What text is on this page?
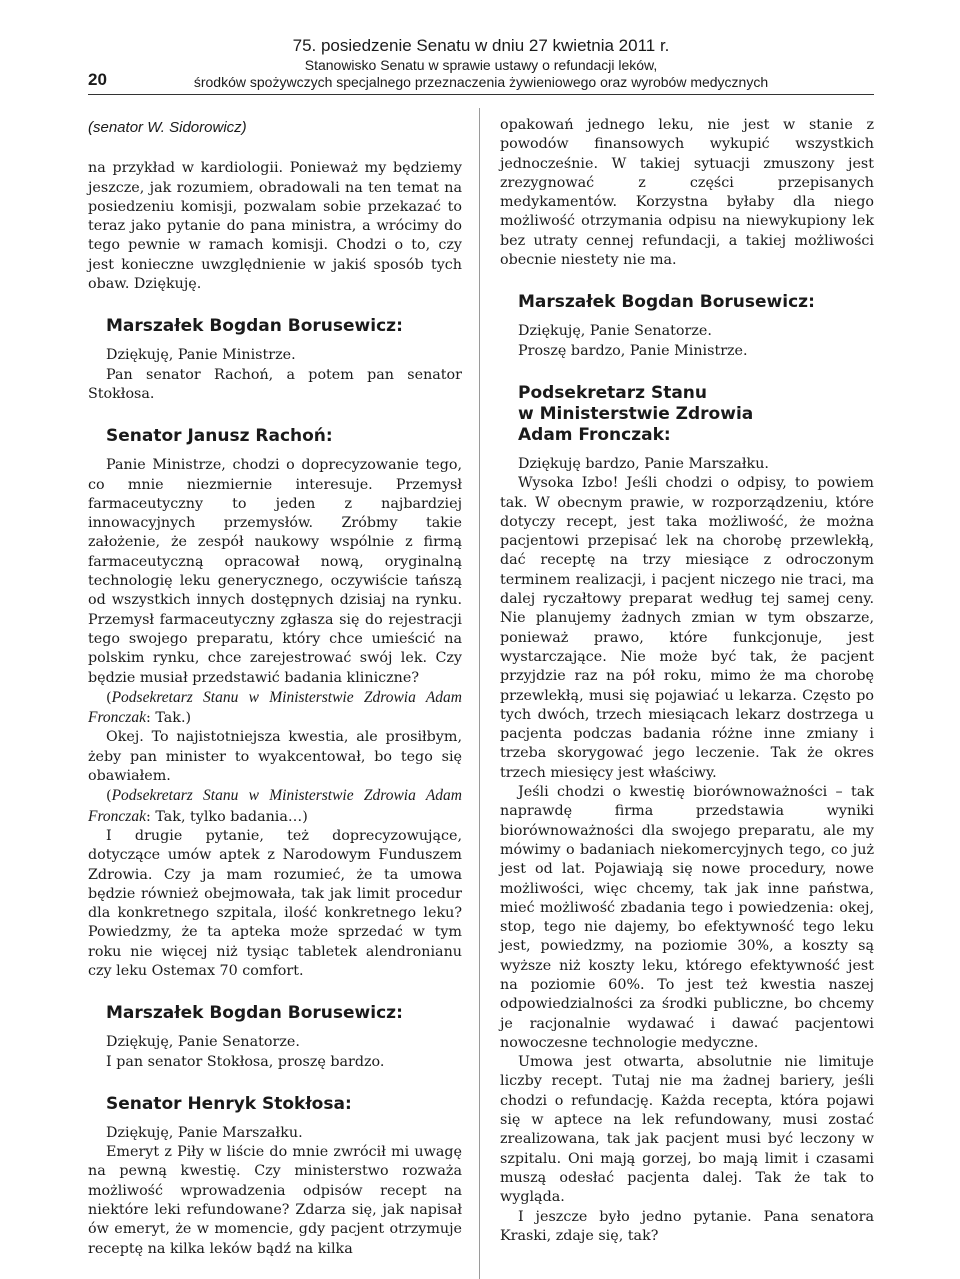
20
75. posiedzenie Senatu w dniu 27 kwietnia 2011 r.
Stanowisko Senatu w sprawie ustawy o refundacji leków,
środków spożywczych specjalnego przeznaczenia żywieniowego oraz wyrobów medycznych
(senator W. Sidorowicz)

na przykład w kardiologii. Ponieważ my będziemy jeszcze, jak rozumiem, obradowali na ten temat na posiedzeniu komisji, pozwalam sobie przekazać to teraz jako pytanie do pana ministra, a wrócimy do tego pewnie w ramach komisji. Chodzi o to, czy jest konieczne uwzględnienie w jakiś sposób tych obaw. Dziękuję.

Marszałek Bogdan Borusewicz:

Dziękuję, Panie Ministrze.

Pan senator Rachoń, a potem pan senator Stokłosa.

Senator Janusz Rachoń:

Panie Ministrze, chodzi o doprecyzowanie tego, co mnie niezmiernie interesuje. Przemysł farmaceutyczny to jeden z najbardziej innowacyjnych przemysłów. Zróbmy takie założenie, że zespół naukowy wspólnie z firmą farmaceutyczną opracował nową, oryginalną technologię leku generycznego, oczywiście tańszą od wszystkich innych dostępnych dzisiaj na rynku. Przemysł farmaceutyczny zgłasza się do rejestracji tego swojego preparatu, który chce umieścić na polskim rynku, chce zarejestrować swój lek. Czy będzie musiał przedstawić badania kliniczne?

(Podsekretarz Stanu w Ministerstwie Zdrowia Adam Fronczak: Tak.)

Okej. To najistotniejsza kwestia, ale prosiłbym, żeby pan minister to wyakcentował, bo tego się obawiałem.

(Podsekretarz Stanu w Ministerstwie Zdrowia Adam Fronczak: Tak, tylko badania…)

I drugie pytanie, też doprecyzowujące, dotyczące umów aptek z Narodowym Funduszem Zdrowia. Czy ja mam rozumieć, że ta umowa będzie również obejmowała, tak jak limit procedur dla konkretnego szpitala, ilość konkretnego leku? Powiedzmy, że ta apteka może sprzedać w tym roku nie więcej niż tysiąc tabletek alendronianu czy leku Ostemax 70 comfort.

Marszałek Bogdan Borusewicz:

Dziękuję, Panie Senatorze.

I pan senator Stokłosa, proszę bardzo.

Senator Henryk Stokłosa:

Dziękuję, Panie Marszałku.

Emeryt z Piły w liście do mnie zwrócił mi uwagę na pewną kwestię. Czy ministerstwo rozważa możliwość wprowadzenia odpisów recept na niektóre leki refundowane? Zdarza się, jak napisał ów emeryt, że w momencie, gdy pacjent otrzymuje receptę na kilka leków bądź na kilka

opakowań jednego leku, nie jest w stanie z powodów finansowych wykupić wszystkich jednocześnie. W takiej sytuacji zmuszony jest zrezygnować z części przepisanych medykamentów. Korzystna byłaby dla niego możliwość otrzymania odpisu na niewykupiony lek bez utraty cennej refundacji, a takiej możliwości obecnie niestety nie ma.

Marszałek Bogdan Borusewicz:

Dziękuję, Panie Senatorze.

Proszę bardzo, Panie Ministrze.

Podsekretarz Stanu
w Ministerstwie Zdrowia
Adam Fronczak:

Dziękuję bardzo, Panie Marszałku.

Wysoka Izbo! Jeśli chodzi o odpisy, to powiem tak. W obecnym prawie, w rozporządzeniu, które dotyczy recept, jest taka możliwość, że można pacjentowi przepisać lek na chorobę przewlekłą, dać receptę na trzy miesiące z odroczonym terminem realizacji, i pacjent niczego nie traci, ma dalej ryczałtowy preparat według tej samej ceny. Nie planujemy żadnych zmian w tym obszarze, ponieważ prawo, które funkcjonuje, jest wystarczające. Nie może być tak, że pacjent przyjdzie raz na pół roku, mimo że ma chorobę przewlekłą, musi się pojawiać u lekarza. Często po tych dwóch, trzech miesiącach lekarz dostrzega u pacjenta podczas badania różne inne zmiany i trzeba skorygować jego leczenie. Tak że okres trzech miesięcy jest właściwy.

Jeśli chodzi o kwestię biorównoważności – tak naprawdę firma przedstawia wyniki biorównoważności dla swojego preparatu, ale my mówimy o badaniach niekomercyjnych tego, co już jest od lat. Pojawiają się nowe procedury, nowe możliwości, więc chcemy, tak jak inne państwa, mieć możliwość zbadania tego i powiedzenia: okej, stop, tego nie dajemy, bo efektywność tego leku jest, powiedzmy, na poziomie 30%, a koszty są wyższe niż koszty leku, którego efektywność jest na poziomie 60%. To jest też kwestia naszej odpowiedzialności za środki publiczne, bo chcemy je racjonalnie wydawać i dawać pacjentowi nowoczesne technologie medyczne.

Umowa jest otwarta, absolutnie nie limituje liczby recept. Tutaj nie ma żadnej bariery, jeśli chodzi o refundację. Każda recepta, która pojawi się w aptece na lek refundowany, musi zostać zrealizowana, tak jak pacjent musi być leczony w szpitalu. Oni mają gorzej, bo mają limit i czasami muszą odesłać pacjenta dalej. Tak że tak to wygląda.

I jeszcze było jedno pytanie. Pana senatora Kraski, zdaje się, tak?
